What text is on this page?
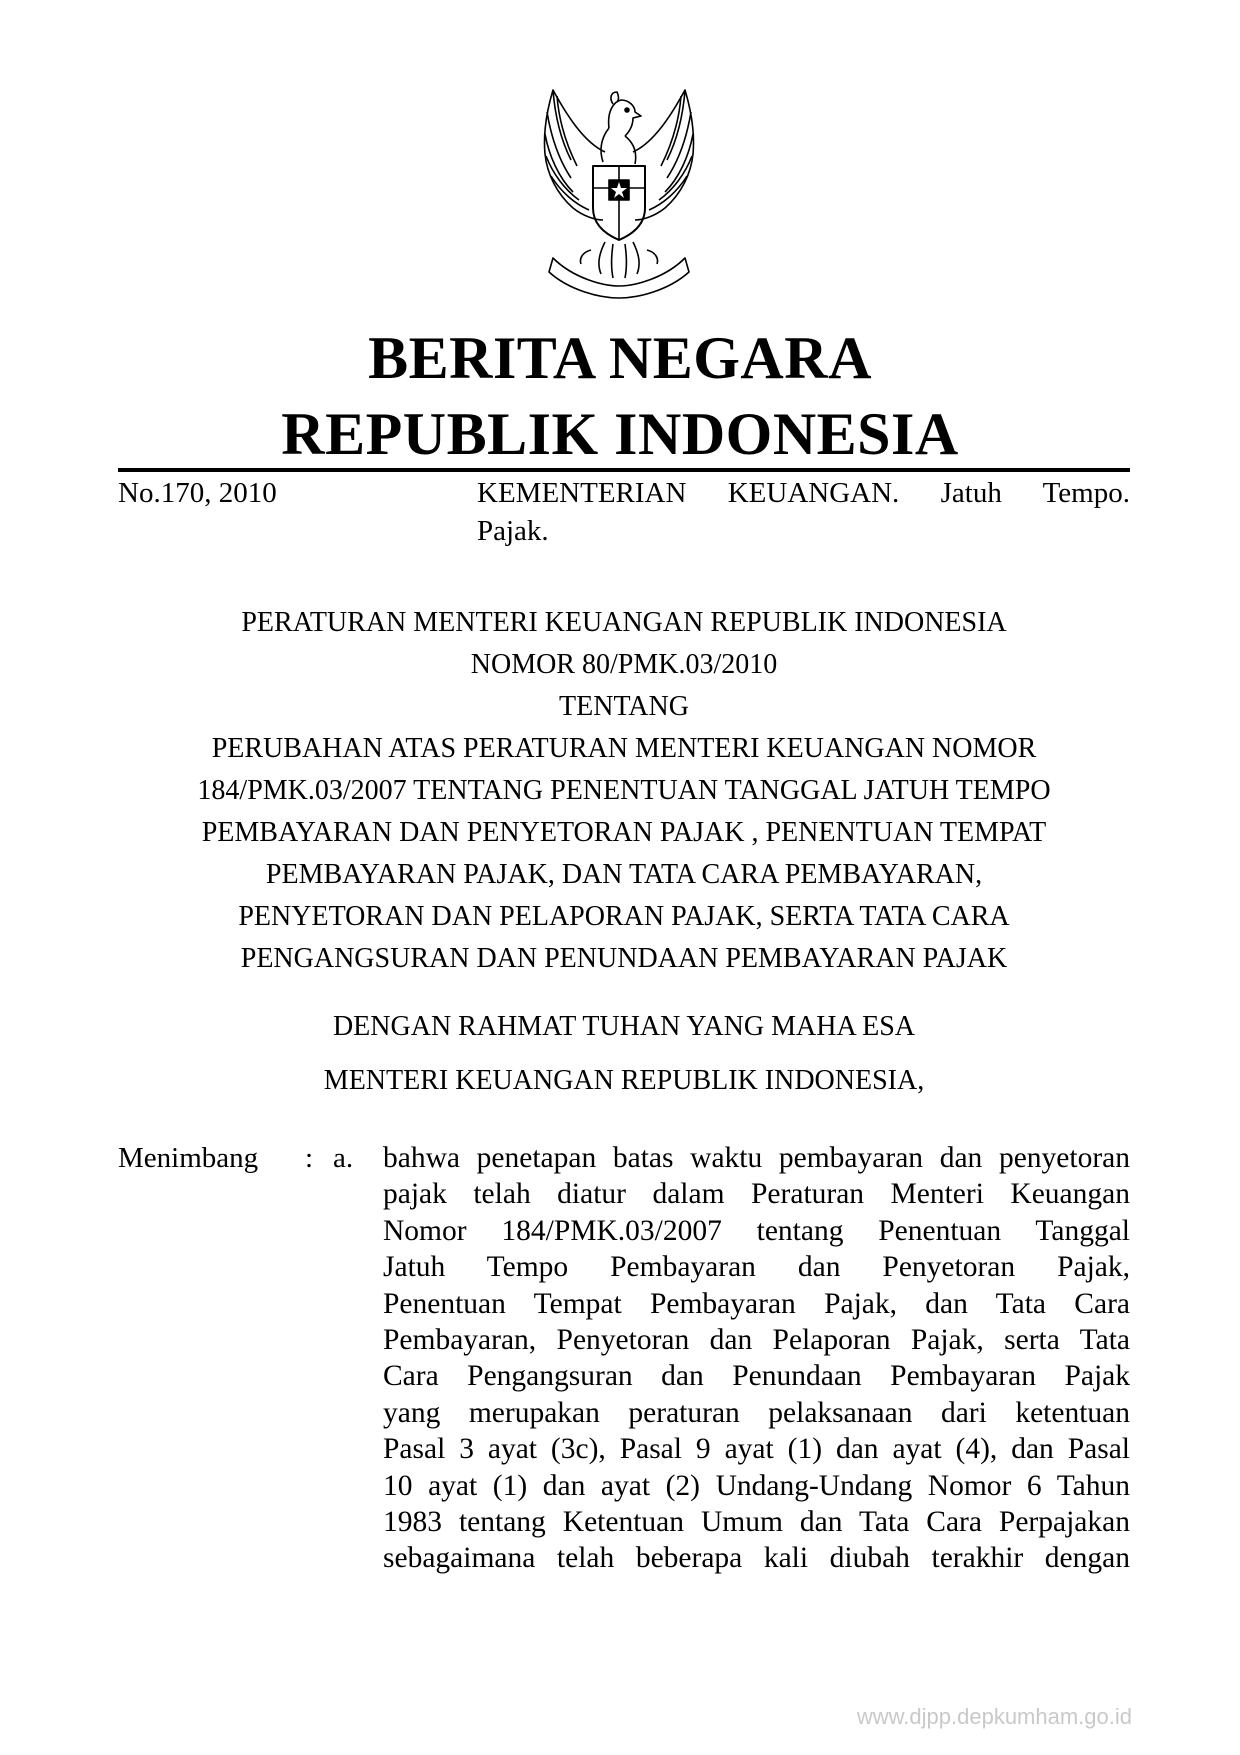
BERITA NEGARA
REPUBLIK INDONESIA
No.170, 2010	KEMENTERIAN KEUANGAN. Jatuh Tempo.
Pajak.
PERATURAN MENTERI KEUANGAN REPUBLIK INDONESIA
NOMOR 80/PMK.03/2010
TENTANG
PERUBAHAN ATAS PERATURAN MENTERI KEUANGAN NOMOR
184/PMK.03/2007 TENTANG PENENTUAN TANGGAL JATUH TEMPO
PEMBAYARAN DAN PENYETORAN PAJAK , PENENTUAN TEMPAT
PEMBAYARAN PAJAK, DAN TATA CARA PEMBAYARAN,
PENYETORAN DAN PELAPORAN PAJAK, SERTA TATA CARA
PENGANGSURAN DAN PENUNDAAN PEMBAYARAN PAJAK
DENGAN RAHMAT TUHAN YANG MAHA ESA
MENTERI KEUANGAN REPUBLIK INDONESIA,
Menimbang : a. bahwa penetapan batas waktu pembayaran dan penyetoran
pajak telah diatur dalam Peraturan Menteri Keuangan
Nomor 184/PMK.03/2007 tentang Penentuan Tanggal
Jatuh Tempo Pembayaran dan Penyetoran Pajak,
Penentuan Tempat Pembayaran Pajak, dan Tata Cara
Pembayaran, Penyetoran dan Pelaporan Pajak, serta Tata
Cara Pengangsuran dan Penundaan Pembayaran Pajak
yang merupakan peraturan pelaksanaan dari ketentuan
Pasal 3 ayat (3c), Pasal 9 ayat (1) dan ayat (4), dan Pasal
10 ayat (1) dan ayat (2) Undang-Undang Nomor 6 Tahun
1983 tentang Ketentuan Umum dan Tata Cara Perpajakan
sebagaimana telah beberapa kali diubah terakhir dengan
www.djpp.depkumham.go.id
